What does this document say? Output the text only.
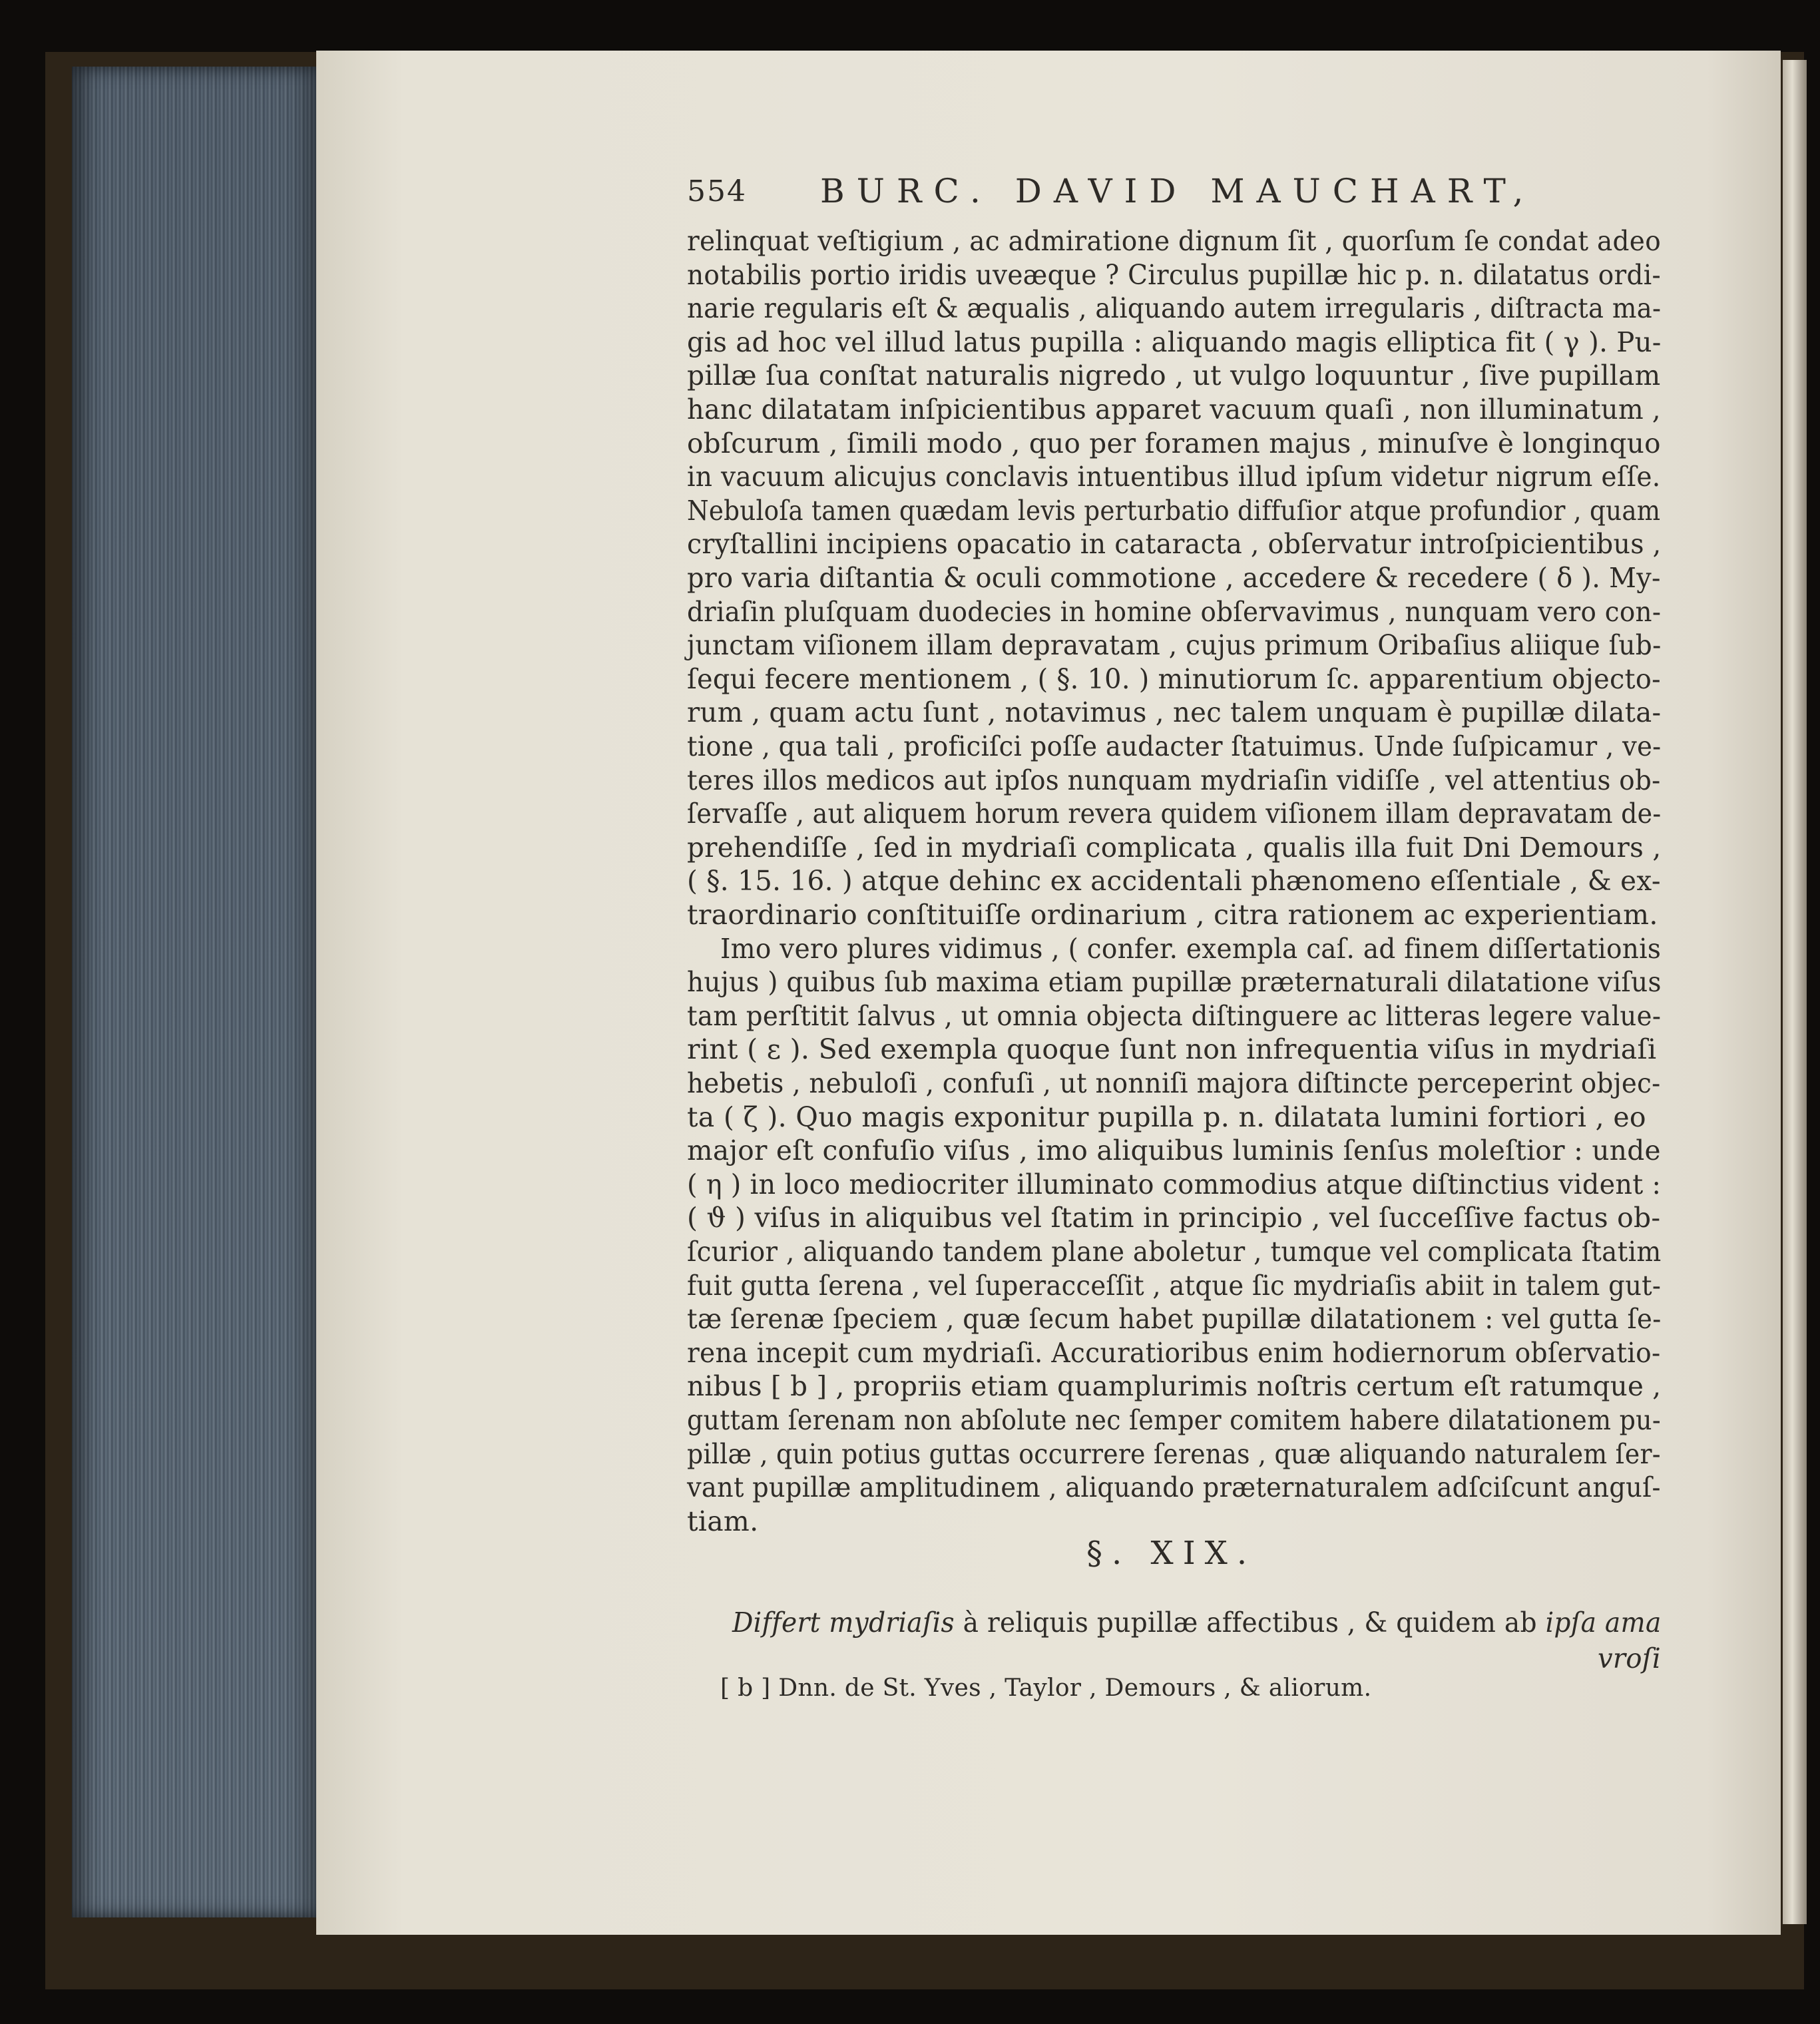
554 BURC. DAVID MAUCHART,

relinquat veſtigium , ac admiratione dignum ſit , quorſum ſe condat adeo

notabilis portio iridis uveæque ? Circulus pupillæ hic p. n. dilatatus ordi-

narie regularis eſt & æqualis , aliquando autem irregularis , diſtracta ma-

gis ad hoc vel illud latus pupilla : aliquando magis elliptica fit ( γ ). Pu-

pillæ ſua conſtat naturalis nigredo , ut vulgo loquuntur , ſive pupillam

hanc dilatatam inſpicientibus apparet vacuum quaſi , non illuminatum ,

obſcurum , ſimili modo , quo per foramen majus , minuſve è longinquo

in vacuum alicujus conclavis intuentibus illud ipſum videtur nigrum eſſe.

Nebuloſa tamen quædam levis perturbatio diffuſior atque profundior , quam

cryſtallini incipiens opacatio in cataracta , obſervatur introſpicientibus ,

pro varia diſtantia & oculi commotione , accedere & recedere ( δ ). My-

driaſin pluſquam duodecies in homine obſervavimus , nunquam vero con-

junctam viſionem illam depravatam , cujus primum Oribaſius aliique ſub-

ſequi fecere mentionem , ( §. 10. ) minutiorum ſc. apparentium objecto-

rum , quam actu ſunt , notavimus , nec talem unquam è pupillæ dilata-

tione , qua tali , proficiſci poſſe audacter ſtatuimus. Unde ſuſpicamur , ve-

teres illos medicos aut ipſos nunquam mydriaſin vidiſſe , vel attentius ob-

ſervaſſe , aut aliquem horum revera quidem viſionem illam depravatam de-

prehendiſſe , ſed in mydriaſi complicata , qualis illa fuit Dni Demours ,

( §. 15. 16. ) atque dehinc ex accidentali phænomeno eſſentiale , & ex-

traordinario conſtituiſſe ordinarium , citra rationem ac experientiam.

Imo vero plures vidimus , ( confer. exempla caſ. ad finem diſſertationis

hujus ) quibus ſub maxima etiam pupillæ præternaturali dilatatione viſus

tam perſtitit ſalvus , ut omnia objecta diſtinguere ac litteras legere value-

rint ( ε ). Sed exempla quoque ſunt non infrequentia viſus in mydriaſi

hebetis , nebuloſi , confuſi , ut nonniſi majora diſtincte perceperint objec-

ta ( ζ ). Quo magis exponitur pupilla p. n. dilatata lumini fortiori , eo

major eſt confuſio viſus , imo aliquibus luminis ſenſus moleſtior : unde

( η ) in loco mediocriter illuminato commodius atque diſtinctius vident :

( ϑ ) viſus in aliquibus vel ſtatim in principio , vel ſucceſſive factus ob-

ſcurior , aliquando tandem plane aboletur , tumque vel complicata ſtatim

fuit gutta ſerena , vel ſuperacceſſit , atque ſic mydriaſis abiit in talem gut-

tæ ſerenæ ſpeciem , quæ ſecum habet pupillæ dilatationem : vel gutta ſe-

rena incepit cum mydriaſi. Accuratioribus enim hodiernorum obſervatio-

nibus [ b ] , propriis etiam quamplurimis noſtris certum eſt ratumque ,

guttam ſerenam non abſolute nec ſemper comitem habere dilatationem pu-

pillæ , quin potius guttas occurrere ſerenas , quæ aliquando naturalem ſer-

vant pupillæ amplitudinem , aliquando præternaturalem adſciſcunt anguſ-

tiam.

§. XIX.

Differt mydriaſis à reliquis pupillæ affectibus , & quidem ab ipſa ama

vroſi

[ b ] Dnn. de St. Yves , Taylor , Demours , & aliorum.
